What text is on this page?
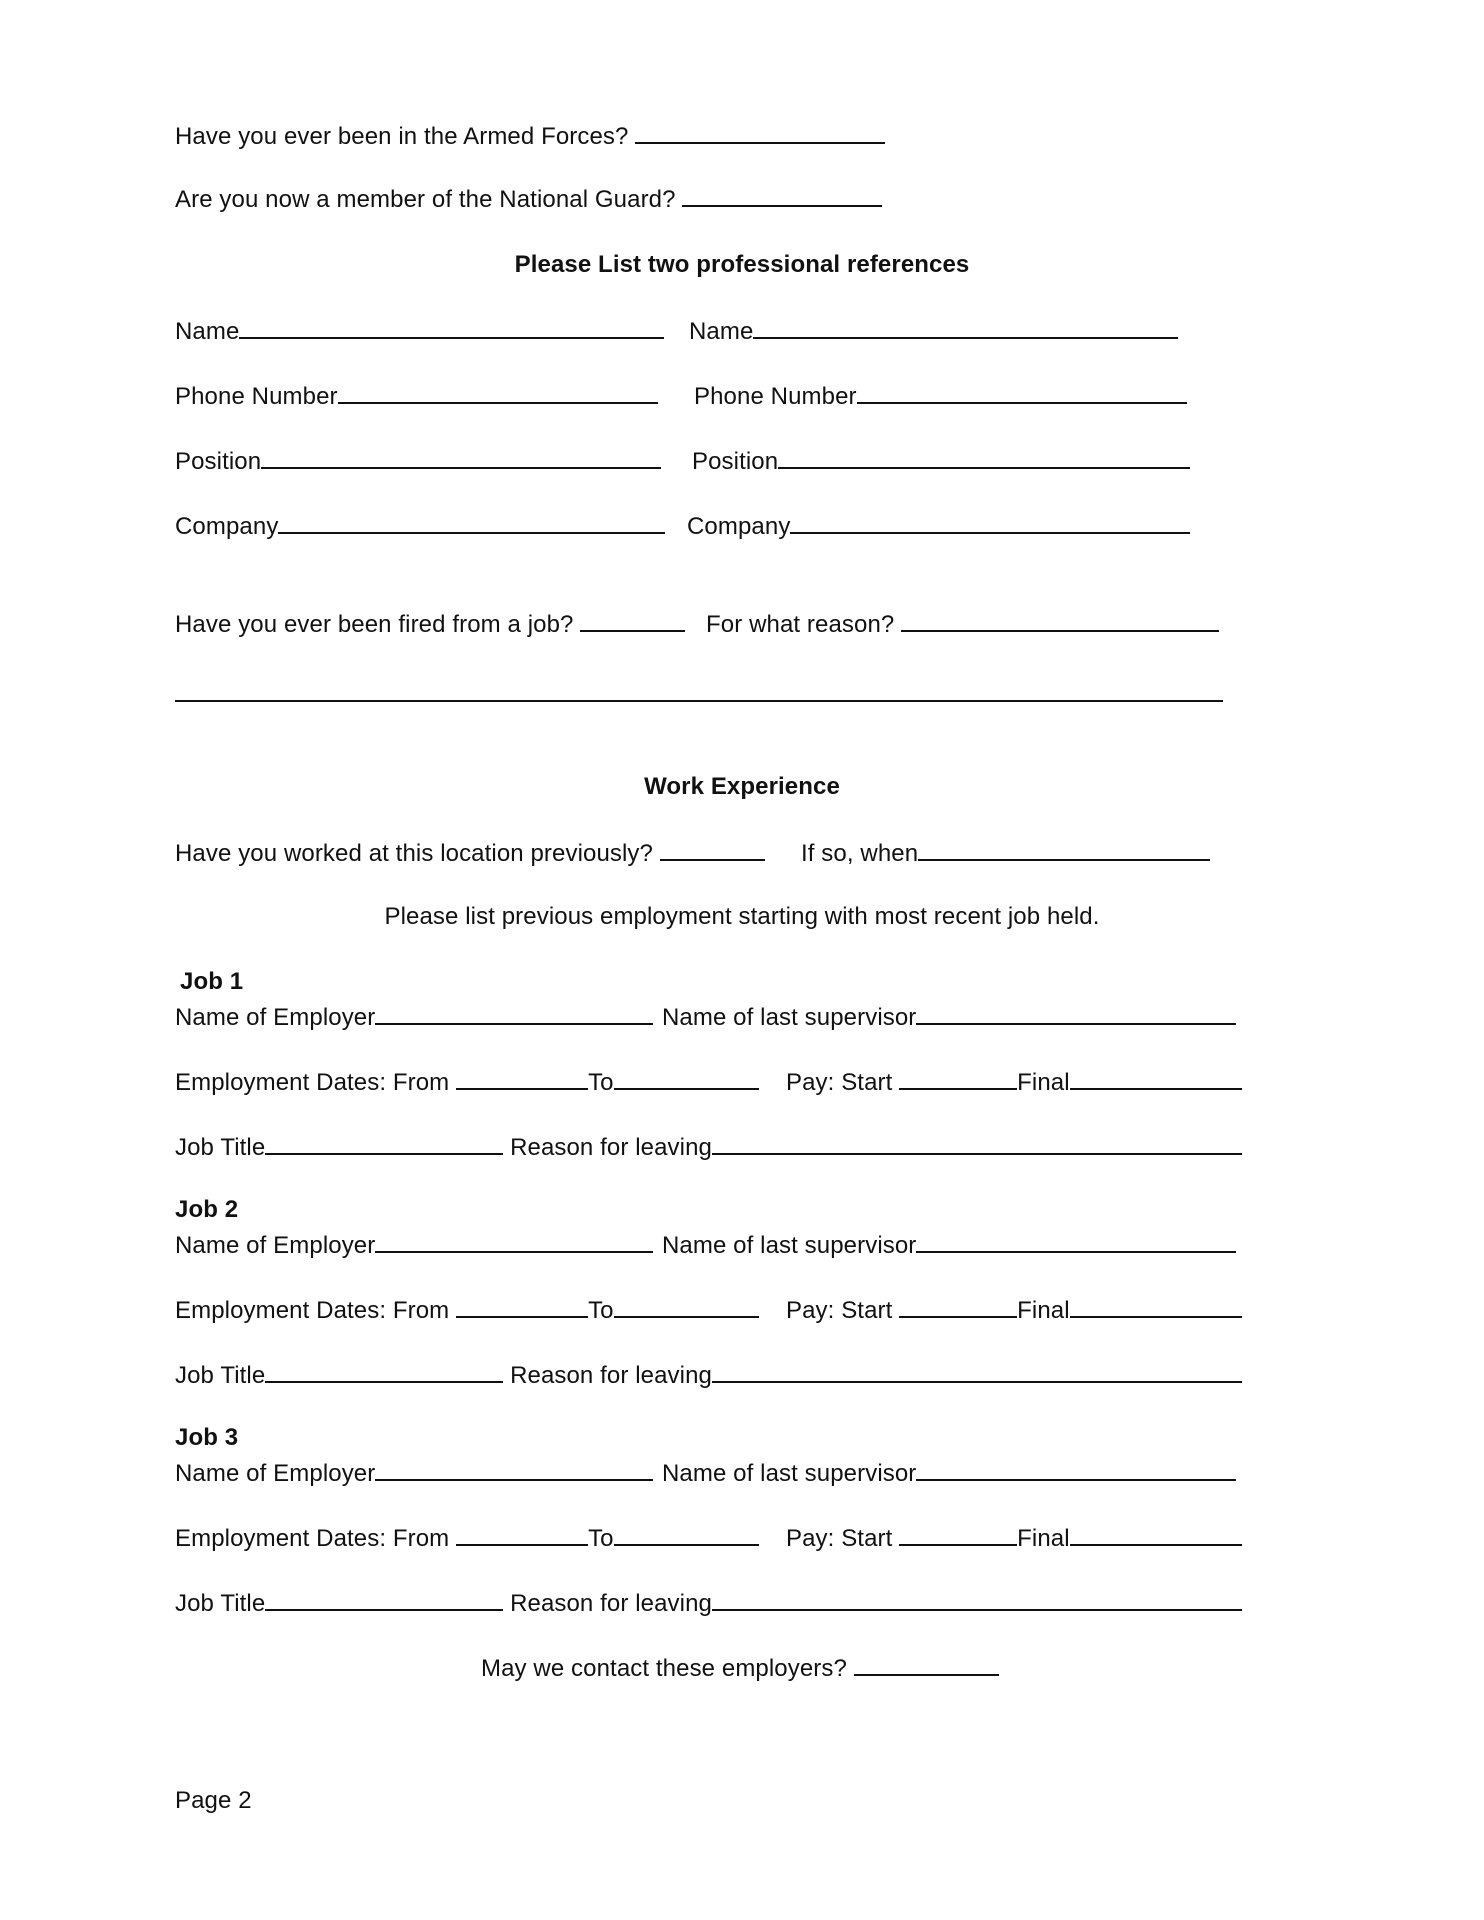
Have you ever been in the Armed Forces?
Are you now a member of the National Guard?
Please List two professional references
Name	Name
Phone Number	Phone Number
Position	Position
Company	Company
Have you ever been fired from a job?	For what reason?
Work Experience
Have you worked at this location previously?	If so, when
Please list previous employment starting with most recent job held.
Job 1
Name of Employer	Name of last supervisor
Employment Dates: From	To	Pay: Start	Final
Job Title	Reason for leaving
Job 2
Name of Employer	Name of last supervisor
Employment Dates: From	To	Pay: Start	Final
Job Title	Reason for leaving
Job 3
Name of Employer	Name of last supervisor
Employment Dates: From	To	Pay: Start	Final
Job Title	Reason for leaving
May we contact these employers?
Page 2
